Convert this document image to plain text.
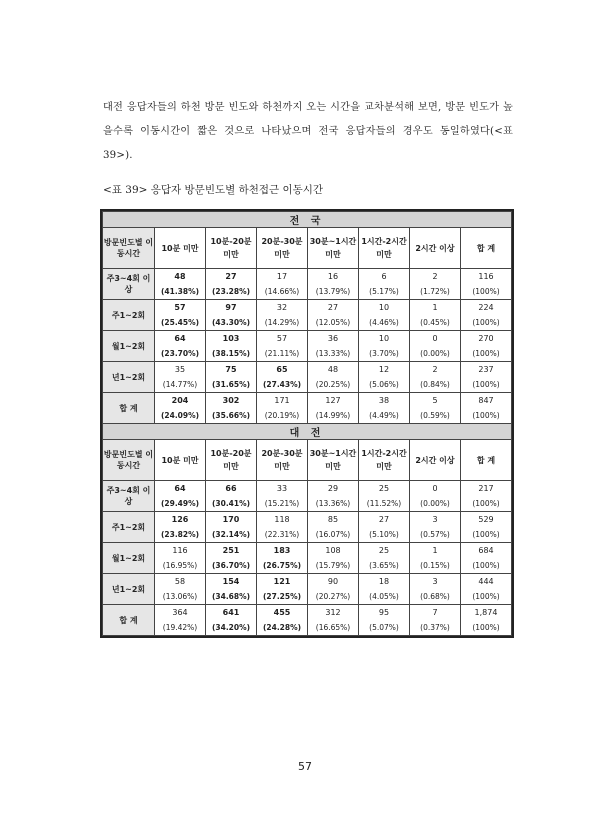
대전 응답자들의 하천 방문 빈도와 하천까지 오는 시간을 교차분석해 보면, 방문 빈도가 높을수록 이동시간이 짧은 것으로 나타났으며 전국 응답자들의 경우도 동일하였다(<표 39>).
<표 39> 응답자 방문빈도별 하천접근 이동시간
전 국							
방문빈도별 이동시간	10분 미만	10분-20분 미만	20분-30분 미만	30분~1시간 미만	1시간-2시간 미만	2시간 이상	합 계
주3~4회 이상	48	27	17	16	6	2	116
	(41.38%)	(23.28%)	(14.66%)	(13.79%)	(5.17%)	(1.72%)	(100%)
주1~2회	57	97	32	27	10	1	224
	(25.45%)	(43.30%)	(14.29%)	(12.05%)	(4.46%)	(0.45%)	(100%)
월1~2회	64	103	57	36	10	0	270
	(23.70%)	(38.15%)	(21.11%)	(13.33%)	(3.70%)	(0.00%)	(100%)
년1~2회	35	75	65	48	12	2	237
	(14.77%)	(31.65%)	(27.43%)	(20.25%)	(5.06%)	(0.84%)	(100%)
합 계	204	302	171	127	38	5	847
	(24.09%)	(35.66%)	(20.19%)	(14.99%)	(4.49%)	(0.59%)	(100%)
대 전							
방문빈도별 이동시간	10분 미만	10분-20분 미만	20분-30분 미만	30분~1시간 미만	1시간-2시간 미만	2시간 이상	합 계
주3~4회 이상	64	66	33	29	25	0	217
	(29.49%)	(30.41%)	(15.21%)	(13.36%)	(11.52%)	(0.00%)	(100%)
주1~2회	126	170	118	85	27	3	529
	(23.82%)	(32.14%)	(22.31%)	(16.07%)	(5.10%)	(0.57%)	(100%)
월1~2회	116	251	183	108	25	1	684
	(16.95%)	(36.70%)	(26.75%)	(15.79%)	(3.65%)	(0.15%)	(100%)
년1~2회	58	154	121	90	18	3	444
	(13.06%)	(34.68%)	(27.25%)	(20.27%)	(4.05%)	(0.68%)	(100%)
합 계	364	641	455	312	95	7	1,874
	(19.42%)	(34.20%)	(24.28%)	(16.65%)	(5.07%)	(0.37%)	(100%)
57
